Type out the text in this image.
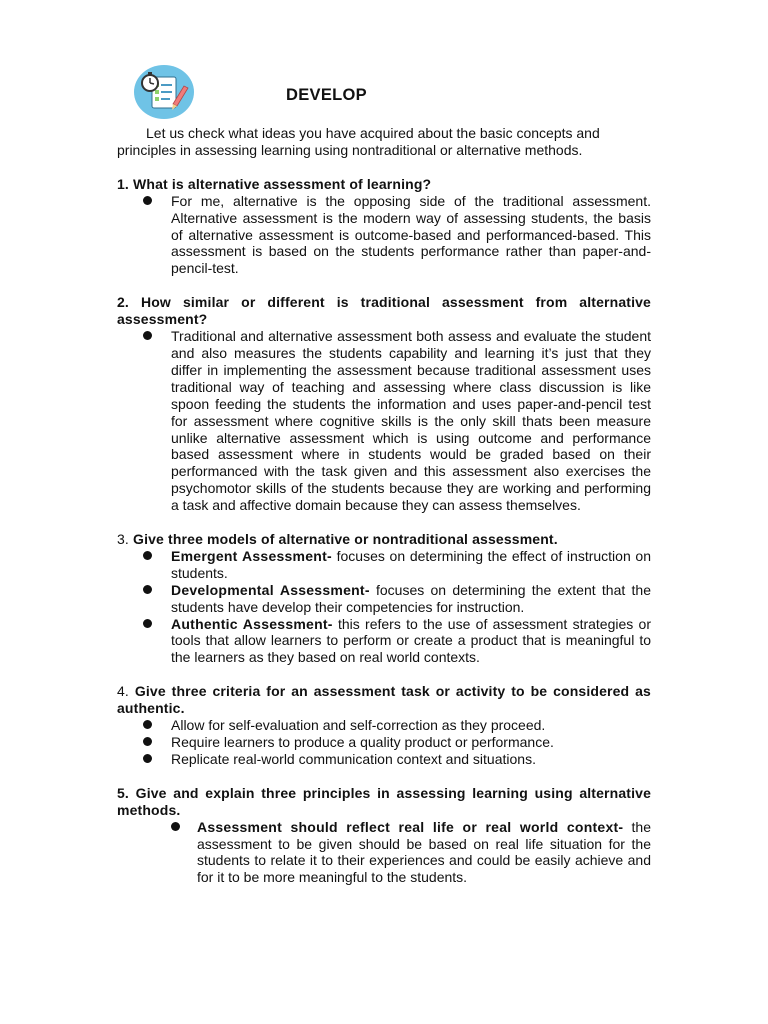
DEVELOP

Let us check what ideas you have acquired about the basic concepts and principles in assessing learning using nontraditional or alternative methods.

1. What is alternative assessment of learning?
For me, alternative is the opposing side of the traditional assessment. Alternative assessment is the modern way of assessing students, the basis of alternative assessment is outcome-based and performanced-based. This assessment is based on the students performance rather than paper-and-pencil-test.
2. How similar or different is traditional assessment from alternative assessment?
Traditional and alternative assessment both assess and evaluate the student and also measures the students capability and learning it’s just that they differ in implementing the assessment because traditional assessment uses traditional way of teaching and assessing where class discussion is like spoon feeding the students the information and uses paper-and-pencil test for assessment where cognitive skills is the only skill thats been measure unlike alternative assessment which is using outcome and performance based assessment where in students would be graded based on their performanced with the task given and this assessment also exercises the psychomotor skills of the students because they are working and performing a task and affective domain because they can assess themselves.
3. Give three models of alternative or nontraditional assessment.
Emergent Assessment- focuses on determining the effect of instruction on students.
Developmental Assessment- focuses on determining the extent that the students have develop their competencies for instruction.
Authentic Assessment- this refers to the use of assessment strategies or tools that allow learners to perform or create a product that is meaningful to the learners as they based on real world contexts.
4. Give three criteria for an assessment task or activity to be considered as authentic.
Allow for self-evaluation and self-correction as they proceed.
Require learners to produce a quality product or performance.
Replicate real-world communication context and situations.
5. Give and explain three principles in assessing learning using alternative methods.
Assessment should reflect real life or real world context- the assessment to be given should be based on real life situation for the students to relate it to their experiences and could be easily achieve and for it to be more meaningful to the students.
